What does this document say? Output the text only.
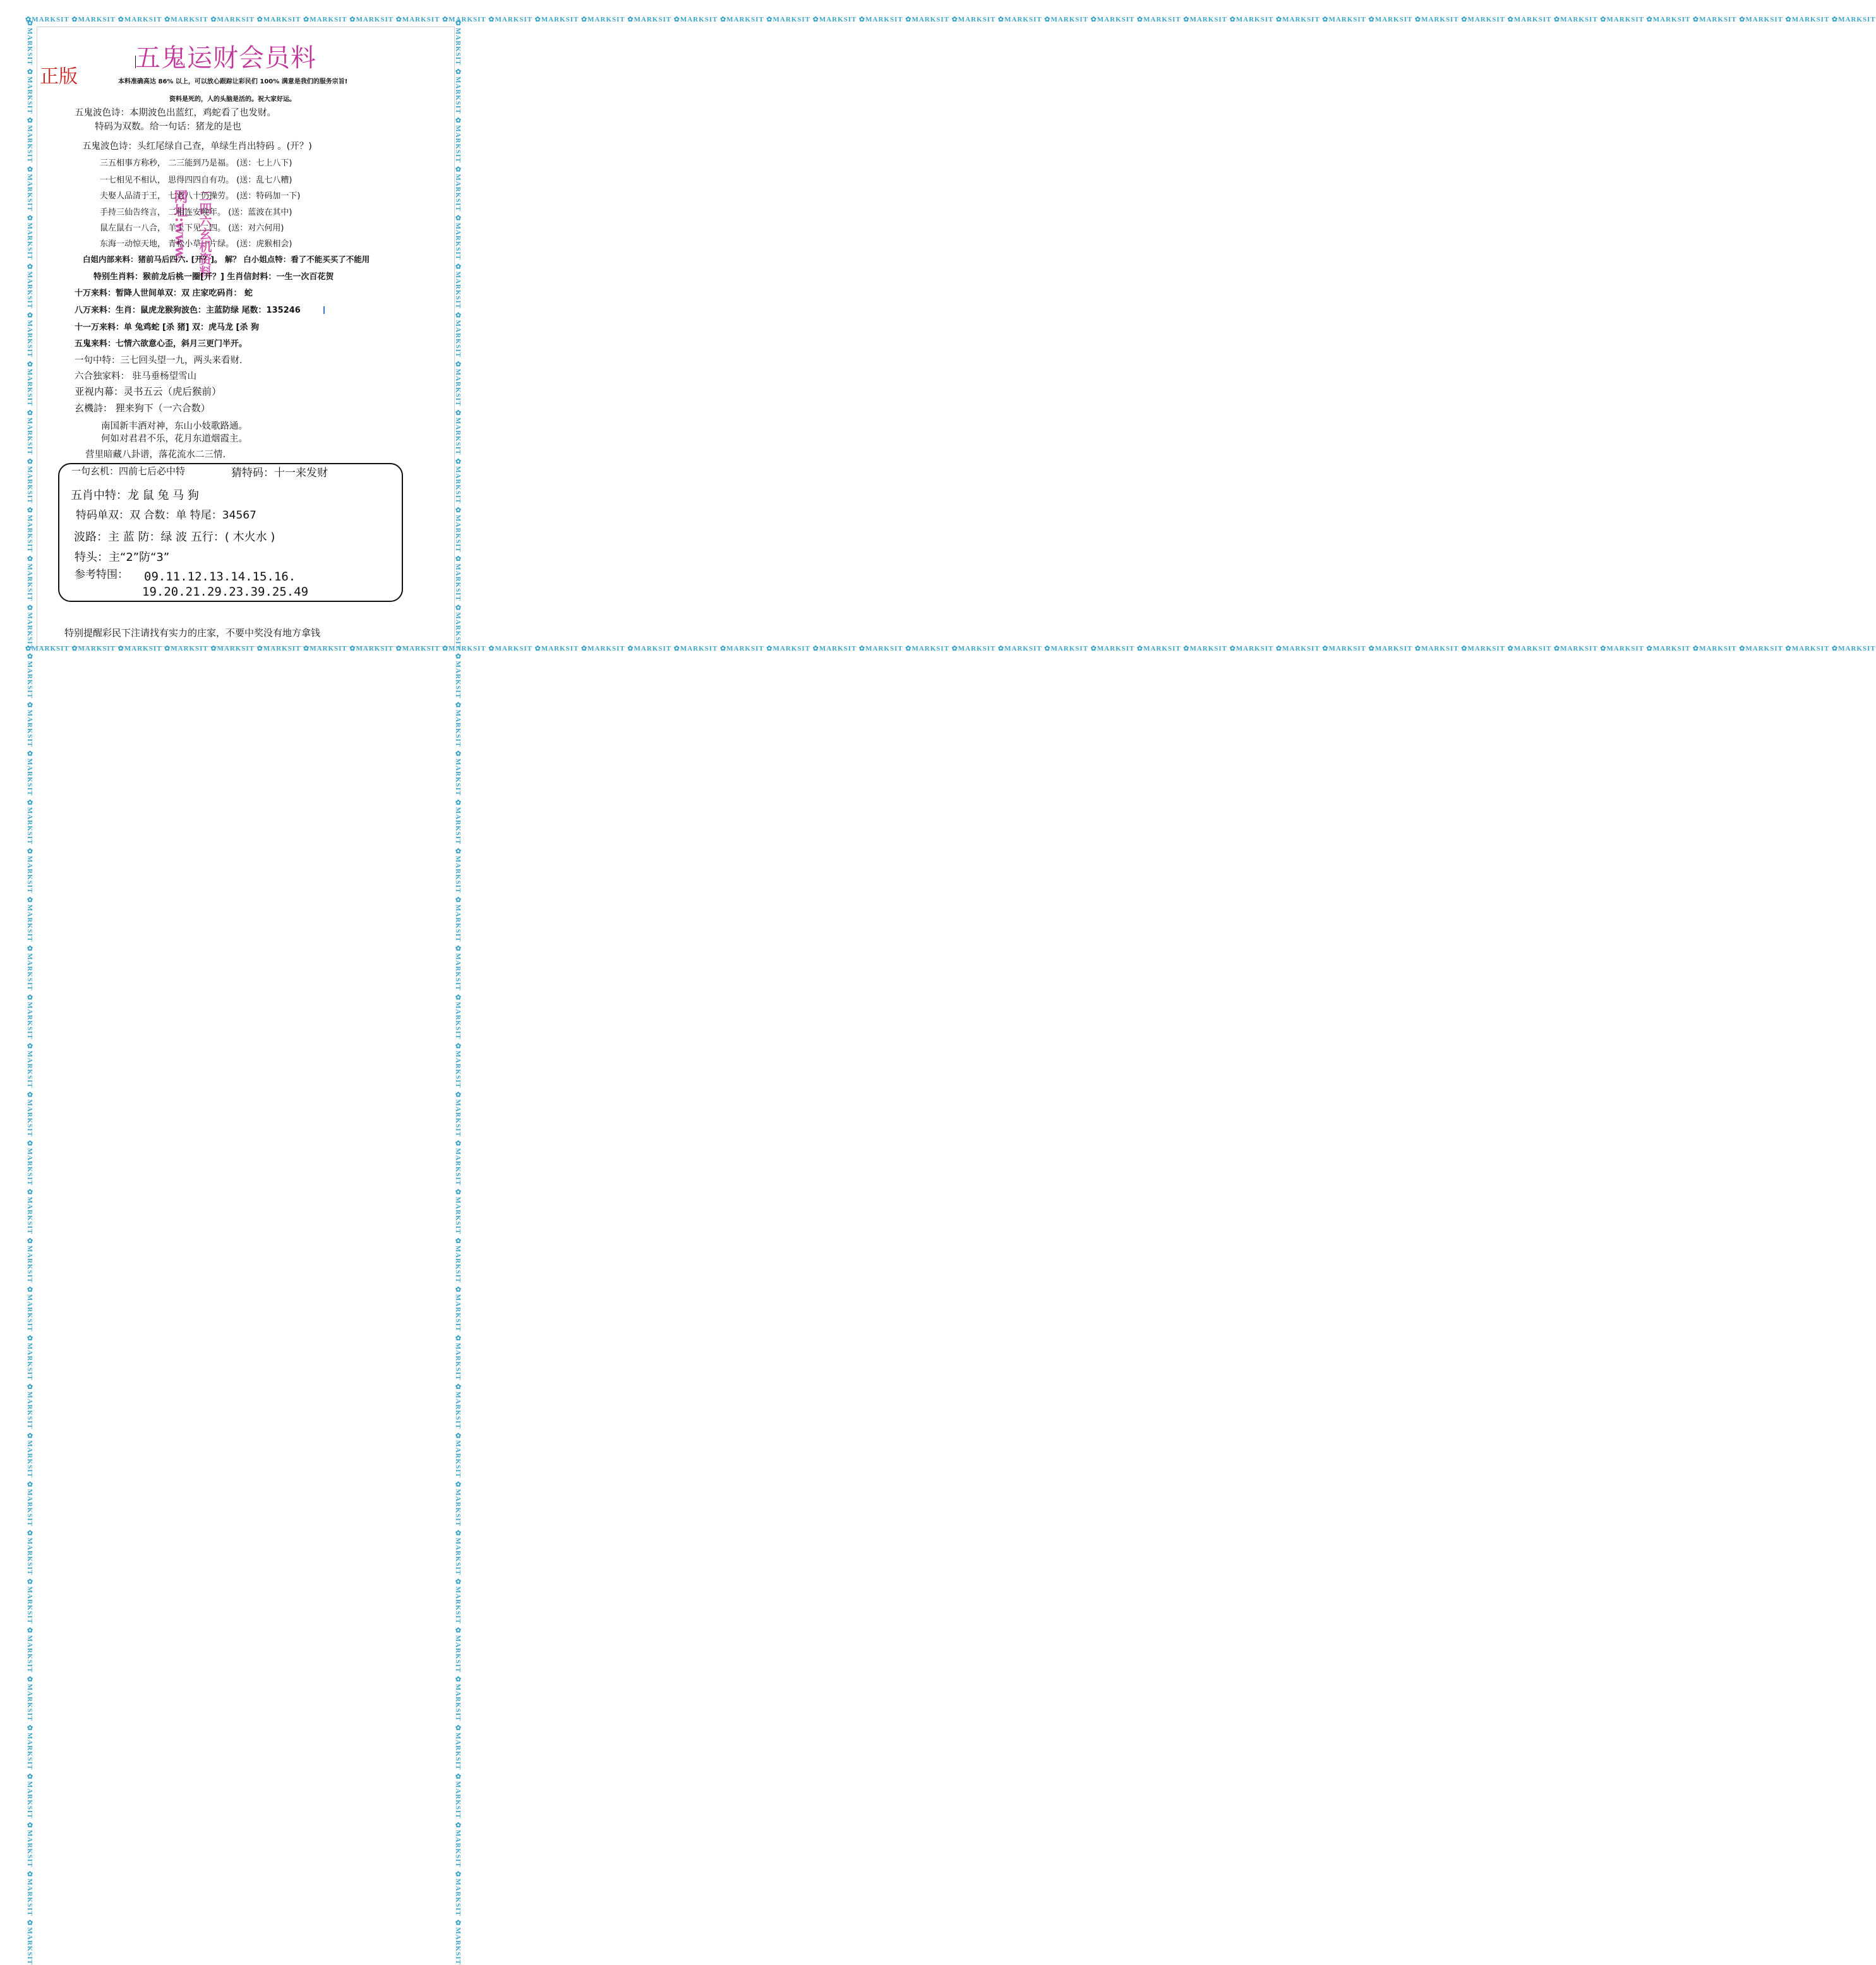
✿MARKSIT ✿MARKSIT ✿MARKSIT ✿MARKSIT ✿MARKSIT ✿MARKSIT ✿MARKSIT ✿MARKSIT ✿MARKSIT ✿MARKSIT ✿MARKSIT ✿MARKSIT ✿MARKSIT ✿MARKSIT ✿MARKSIT ✿MARKSIT ✿MARKSIT ✿MARKSIT ✿MARKSIT ✿MARKSIT ✿MARKSIT ✿MARKSIT ✿MARKSIT ✿MARKSIT ✿MARKSIT ✿MARKSIT ✿MARKSIT ✿MARKSIT ✿MARKSIT ✿MARKSIT ✿MARKSIT ✿MARKSIT ✿MARKSIT ✿MARKSIT ✿MARKSIT ✿MARKSIT ✿MARKSIT ✿MARKSIT ✿MARKSIT ✿MARKSIT
✿MARKSIT ✿MARKSIT ✿MARKSIT ✿MARKSIT ✿MARKSIT ✿MARKSIT ✿MARKSIT ✿MARKSIT ✿MARKSIT ✿MARKSIT ✿MARKSIT ✿MARKSIT ✿MARKSIT ✿MARKSIT ✿MARKSIT ✿MARKSIT ✿MARKSIT ✿MARKSIT ✿MARKSIT ✿MARKSIT ✿MARKSIT ✿MARKSIT ✿MARKSIT ✿MARKSIT ✿MARKSIT ✿MARKSIT ✿MARKSIT ✿MARKSIT ✿MARKSIT ✿MARKSIT ✿MARKSIT ✿MARKSIT ✿MARKSIT ✿MARKSIT ✿MARKSIT ✿MARKSIT ✿MARKSIT ✿MARKSIT ✿MARKSIT ✿MARKSIT
✿MARKSIT ✿MARKSIT ✿MARKSIT ✿MARKSIT ✿MARKSIT ✿MARKSIT ✿MARKSIT ✿MARKSIT ✿MARKSIT ✿MARKSIT ✿MARKSIT ✿MARKSIT ✿MARKSIT ✿MARKSIT ✿MARKSIT ✿MARKSIT ✿MARKSIT ✿MARKSIT ✿MARKSIT ✿MARKSIT ✿MARKSIT ✿MARKSIT ✿MARKSIT ✿MARKSIT ✿MARKSIT ✿MARKSIT ✿MARKSIT ✿MARKSIT ✿MARKSIT ✿MARKSIT ✿MARKSIT ✿MARKSIT ✿MARKSIT ✿MARKSIT ✿MARKSIT ✿MARKSIT ✿MARKSIT ✿MARKSIT ✿MARKSIT ✿MARKSIT	✿MARKSIT ✿MARKSIT ✿MARKSIT ✿MARKSIT ✿MARKSIT ✿MARKSIT ✿MARKSIT ✿MARKSIT ✿MARKSIT ✿MARKSIT ✿MARKSIT ✿MARKSIT ✿MARKSIT ✿MARKSIT ✿MARKSIT ✿MARKSIT ✿MARKSIT ✿MARKSIT ✿MARKSIT ✿MARKSIT ✿MARKSIT ✿MARKSIT ✿MARKSIT ✿MARKSIT ✿MARKSIT ✿MARKSIT ✿MARKSIT ✿MARKSIT ✿MARKSIT ✿MARKSIT ✿MARKSIT ✿MARKSIT ✿MARKSIT ✿MARKSIT ✿MARKSIT ✿MARKSIT ✿MARKSIT ✿MARKSIT ✿MARKSIT ✿MARKSIT
五鬼运财会员料
正版	本料准确高达 86% 以上，可以放心跟踪让彩民们 100% 满意是我们的服务宗旨!
资料是死的，人的头脑是活的。祝大家好运。
网址:www. 二四六玄机资料
五鬼波色诗：本期波色出蓝红，鸡蛇看了也发财。
特码为双数。给一句话：猪龙的是也
五鬼波色诗：头红尾绿自己查，单绿生肖出特码 。(开？)
三五相事方称秒， 二三能到乃是福。 (送：七上八下)
一七相见不相认， 思得四四自有功。 (送：乱七八糟)
夫娶人品清于王， 七老八十仍操劳。 (送：特码加一下)
手持三仙告终言， 二相连安晚年。 (送：蓝波在其中)
鼠左鼠右一八合， 羊上下见二四。 (送：对六何用)
东海一动惊天地， 青松小草一片绿。 (送：虎猴相会)
白姐内部来料：猪前马后四六. [开？]。 解？ 白小姐点特：看了不能买买了不能用
特别生肖料：猴前龙后桃一圈[开？] 生肖信封料：一生一次百花贺
十万来料：暂降人世间单双：双 庄家吃码肖： 蛇
八万来料：生肖：鼠虎龙猴狗波色：主蓝防绿 尾数：135246
十一万来料：单 兔鸡蛇 [杀 猪] 双：虎马龙 [杀 狗
五鬼来料：七情六欲意心歪，斜月三更门半开。
一句中特：三七回头望一九，两头来看财.
六合独家料： 驻马垂杨望雪山
亚视内幕：灵书五云（虎后猴前）
玄機詩： 狸来狗下（一六合数）
南国新丰酒对神，东山小妓歌路通。
何如对君君不乐，花月东道烟霞主。
营里暗藏八卦谱，落花流水二三情.
一句玄机：四前七后必中特	猜特码：十一来发财
五肖中特：龙 鼠 兔 马 狗
特码单双：双 合数：单 特尾：34567
波路：主 蓝 防：绿 波 五行：( 木火水 )
特头：主“2”防“3”
参考特围： 09.11.12.13.14.15.16.
19.20.21.29.23.39.25.49
特别提醒彩民下注请找有实力的庄家，不要中奖没有地方拿钱
